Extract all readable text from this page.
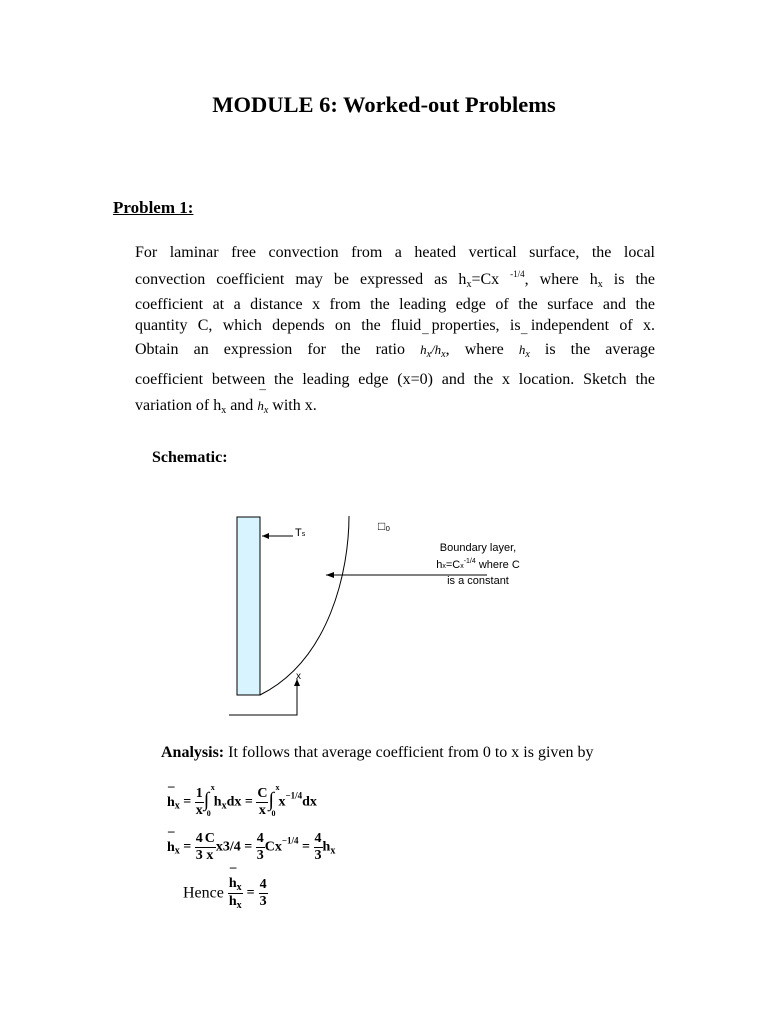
MODULE 6: Worked-out Problems
Problem 1:
For laminar free convection from a heated vertical surface, the local
convection coefficient may be expressed as $h_x=Cx$ $^{-1/4}$, where $h_x$ is the
coefficient at a distance x from the leading edge of the surface and the
quantity C, which depends on the fluid properties, is independent of x.
Obtain an expression for the ratio ¯ $h_x/h_x$, where ¯ $h_x$ is the average
coefficient between the leading edge (x=0) and the x location. Sketch the
variation of $h_x$ and ¯ $h_x$ with x.
Schematic:
Ts
□₀
Boundary layer,
$hx=Cx^{-1/4}$ where C
is a constant
x
Analysis: It follows that average coefficient from 0 to x is given by
¯ $h_x = \frac{1}{x}$ ∫
x
0
$h_xdx = \frac{C}{x}$ ∫
x
0
$x^{-1/4}dx$
¯ $h_x = \frac{4}{3} \frac{C}{x} x3/4 = \frac{4}{3} Cx^{-1/4} = \frac{4}{3} h_x$
Hence
¯ $\frac{h_x}{h_x} = \frac{4}{3}$
